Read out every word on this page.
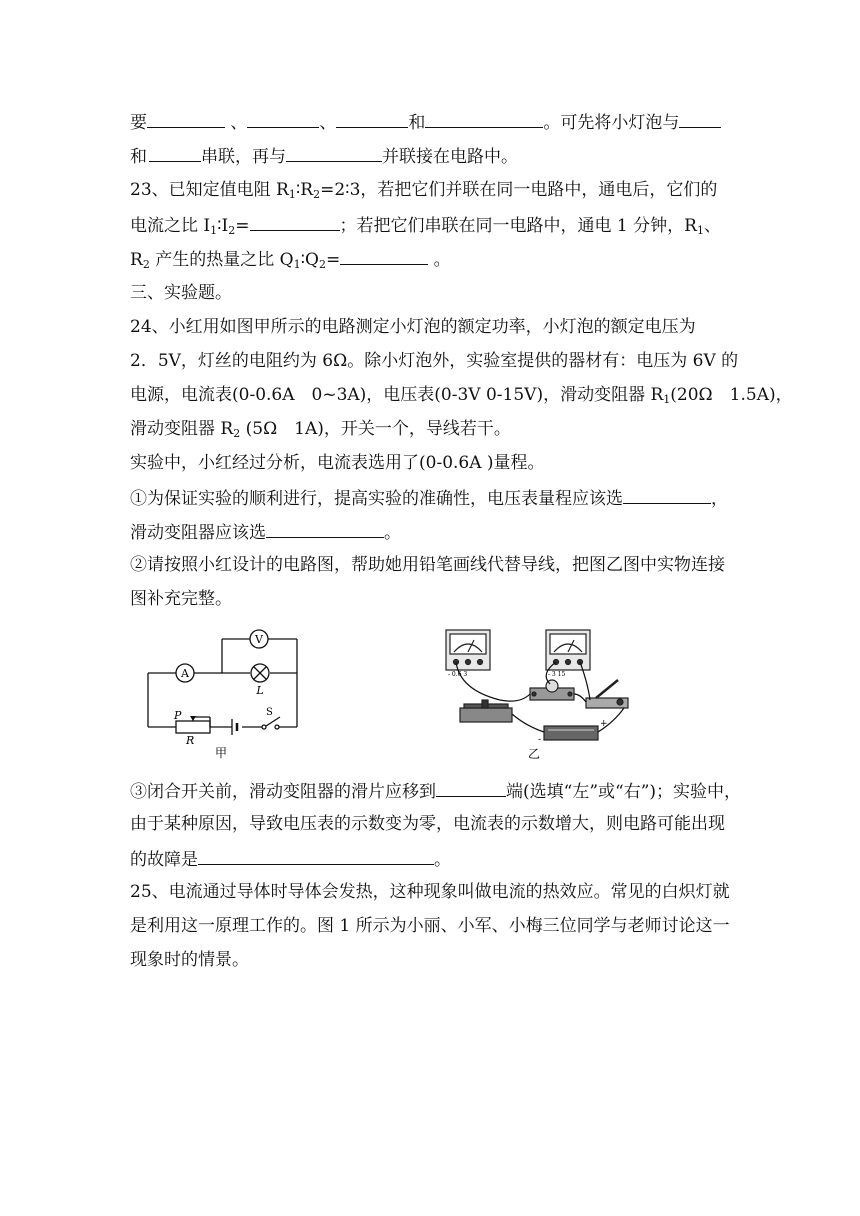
要	、	、	和	。可先将小灯泡与
和	串联，再与	并联接在电路中。
23、已知定值电阻 $R_1∶R_2=2∶3$，若把它们并联在同一电路中，通电后，它们的
电流之比 $I_1∶I_2=$	；若把它们串联在同一电路中，通电 1 分钟，$R_1$、
$R_2$ 产生的热量之比 $Q_1∶Q_2=$	。
三、实验题。
24、小红用如图甲所示的电路测定小灯泡的额定功率，小灯泡的额定电压为
2．5V，灯丝的电阻约为 6Ω。除小灯泡外，实验室提供的器材有：电压为 6V 的
电源，电流表(0-0.6A　0~3A)，电压表(0-3V 0-15V)，滑动变阻器 $R_1(20\Omega$　1.5A)，
滑动变阻器 $R_2$ (5Ω　1A)，开关一个，导线若干。
实验中，小红经过分析，电流表选用了(0-0.6A )量程。
①为保证实验的顺利进行，提高实验的准确性，电压表量程应该选	，
滑动变阻器应该选	。
②请按照小红设计的电路图，帮助她用铅笔画线代替导线，把图乙图中实物连接
图补充完整。
A
V
L
P
R
S
甲
- 0.6 3	- 3 15
-
+
乙
③闭合开关前，滑动变阻器的滑片应移到	端(选填“左”或“右”)；实验中，
由于某种原因，导致电压表的示数变为零，电流表的示数增大，则电路可能出现
的故障是	。
25、电流通过导体时导体会发热，这种现象叫做电流的热效应。常见的白炽灯就
是利用这一原理工作的。图 1 所示为小丽、小军、小梅三位同学与老师讨论这一
现象时的情景。
